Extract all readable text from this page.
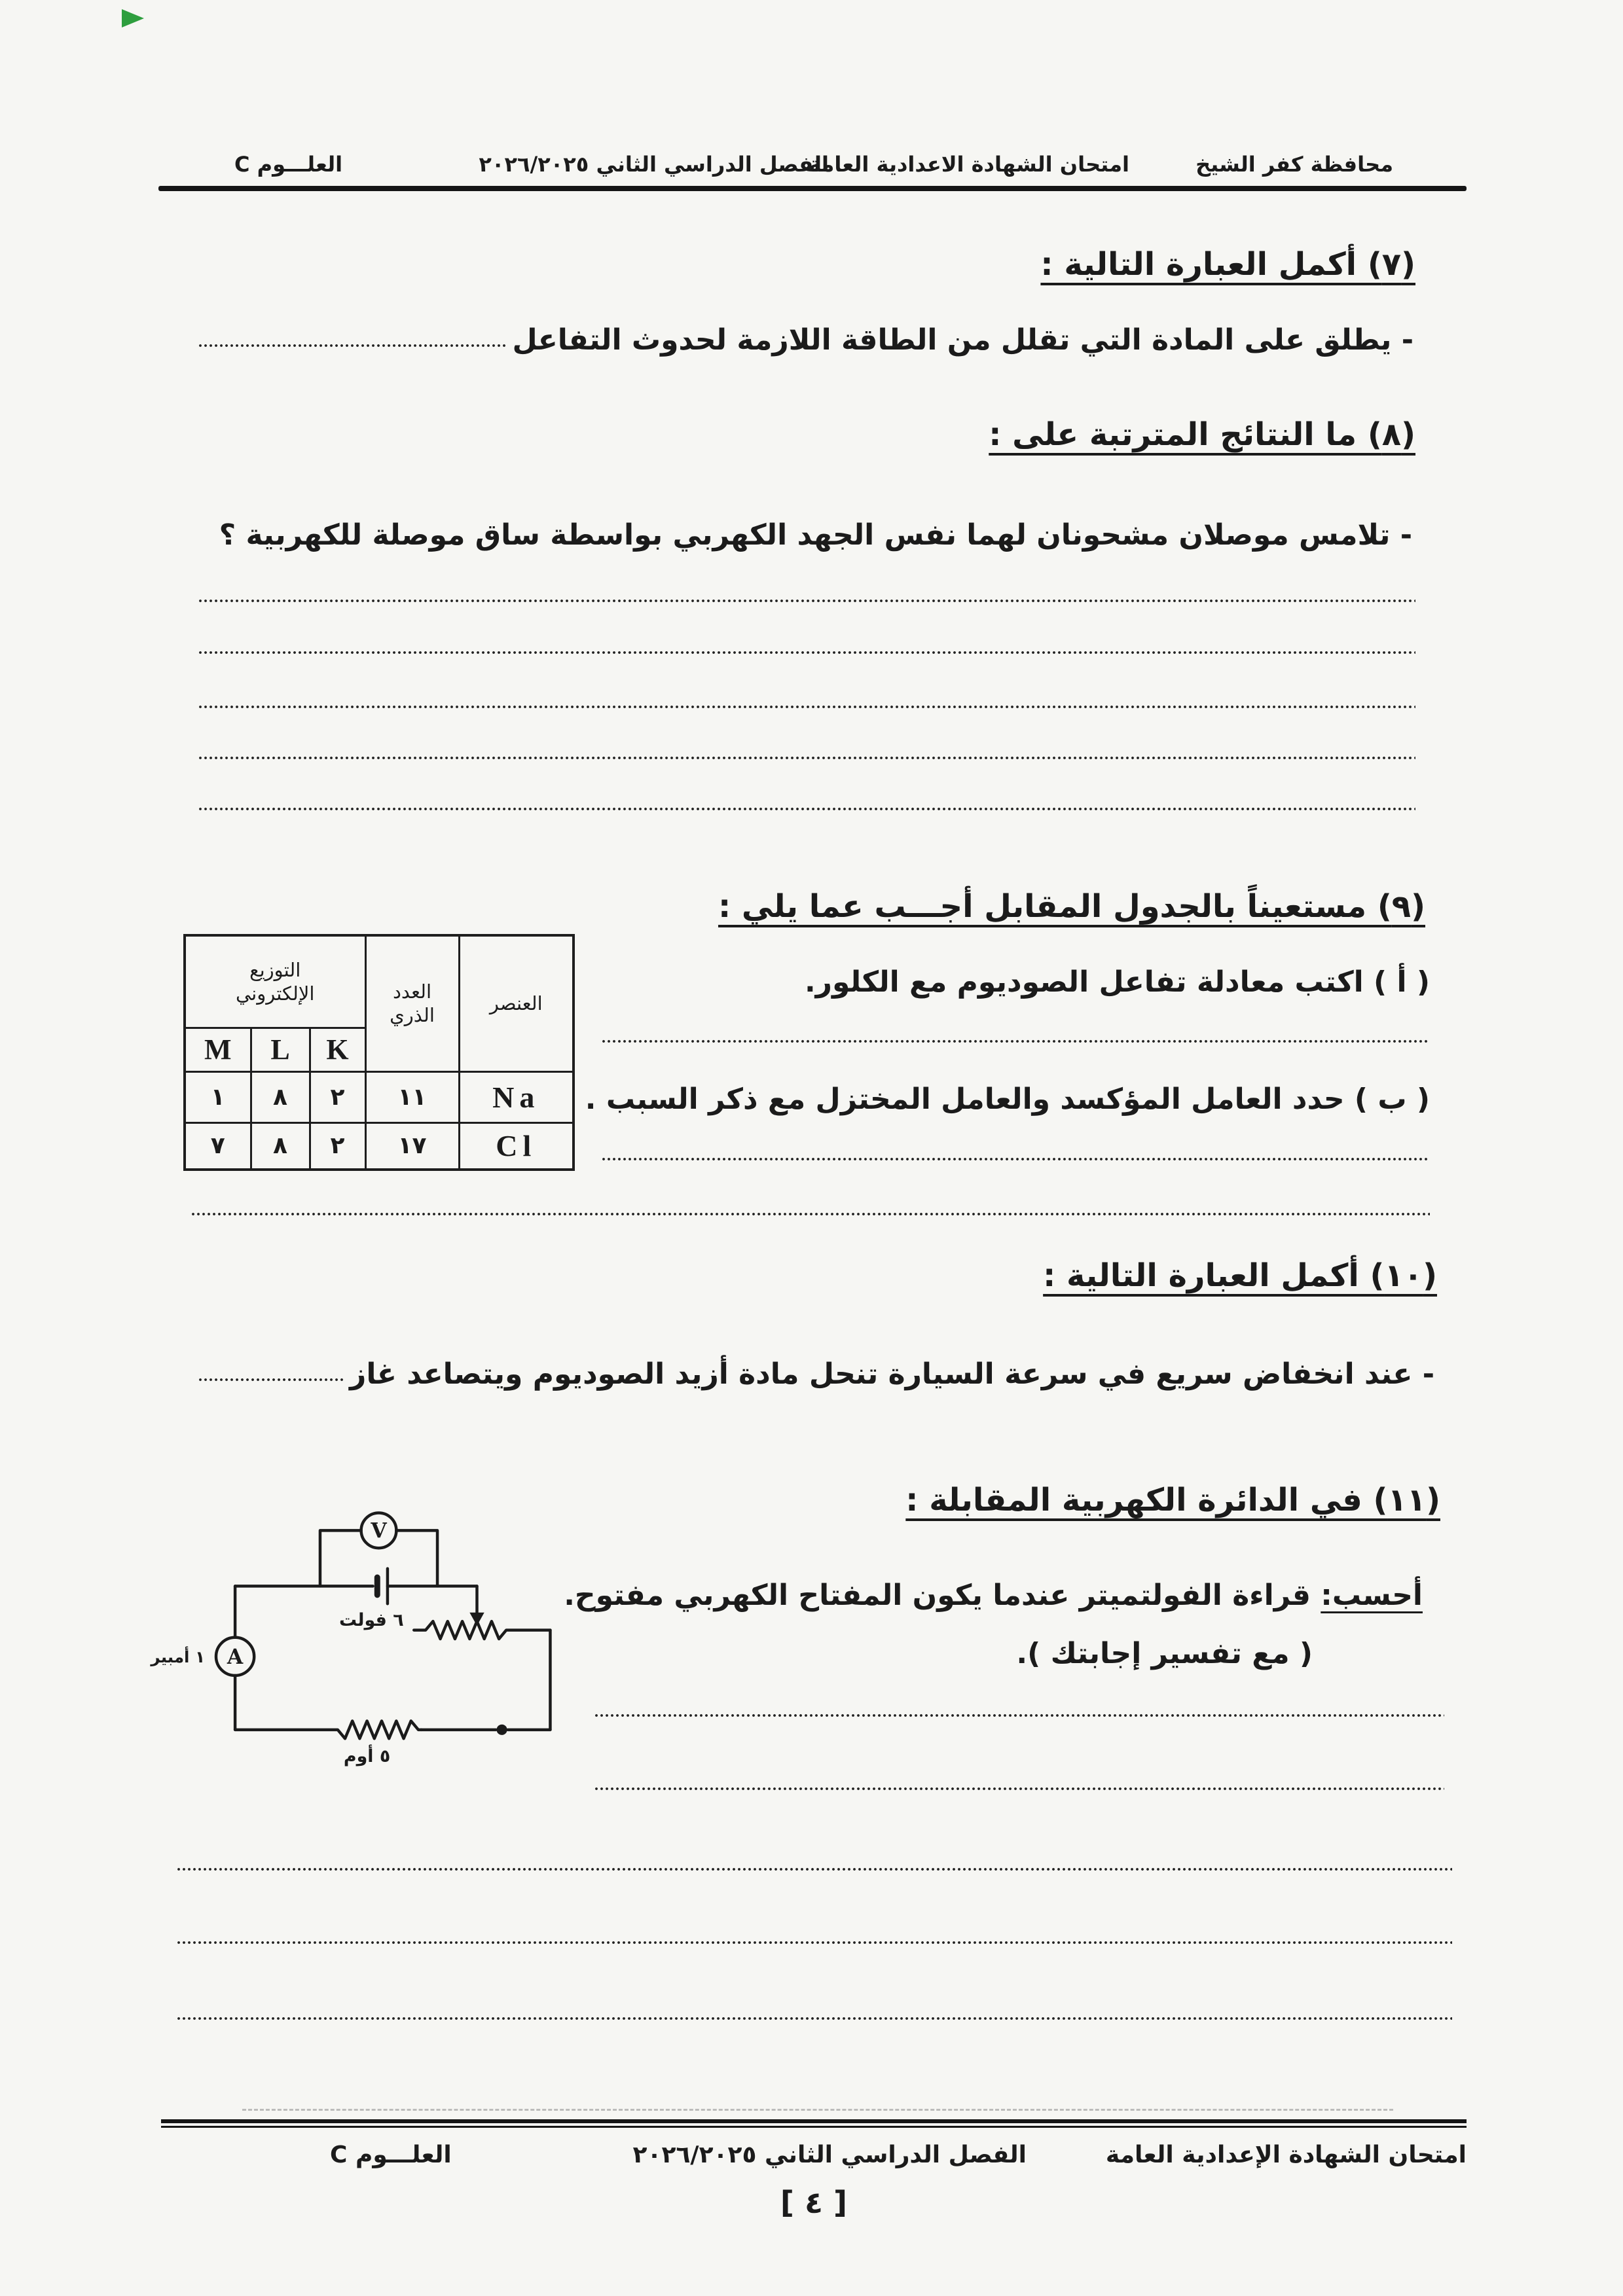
محافظة كفر الشيخ
امتحان الشهادة الاعدادية العامة
الفصل الدراسي الثاني ٢٠٢٦/٢٠٢٥
العلـــوم C
(٧) أكمل العبارة التالية :
- يطلق على المادة التي تقلل من الطاقة اللازمة لحدوث التفاعل
(٨) ما النتائج المترتبة على :
- تلامس موصلان مشحونان لهما نفس الجهد الكهربي بواسطة ساق موصلة للكهربية ؟
(٩) مستعيناً بالجدول المقابل أجـــب عما يلي :
العنصر	العدد الذري	التوزيع الإلكتروني		
		K	L	M
Na	١١	٢	٨	١
Cl	١٧	٢	٨	٧
( أ ) اكتب معادلة تفاعل الصوديوم مع الكلور.
( ب ) حدد العامل المؤكسد والعامل المختزل مع ذكر السبب .
(١٠) أكمل العبارة التالية :
- عند انخفاض سريع في سرعة السيارة تنحل مادة أزيد الصوديوم ويتصاعد غاز
(١١) في الدائرة الكهربية المقابلة :
أحسب: قراءة الفولتميتر عندما يكون المفتاح الكهربي مفتوح.
( مع تفسير إجابتك ).
V
A
٦ فولت
١ أمبير
٥ أوم
امتحان الشهادة الإعدادية العامة
الفصل الدراسي الثاني ٢٠٢٦/٢٠٢٥
العلـــوم C
[ ٤ ]
